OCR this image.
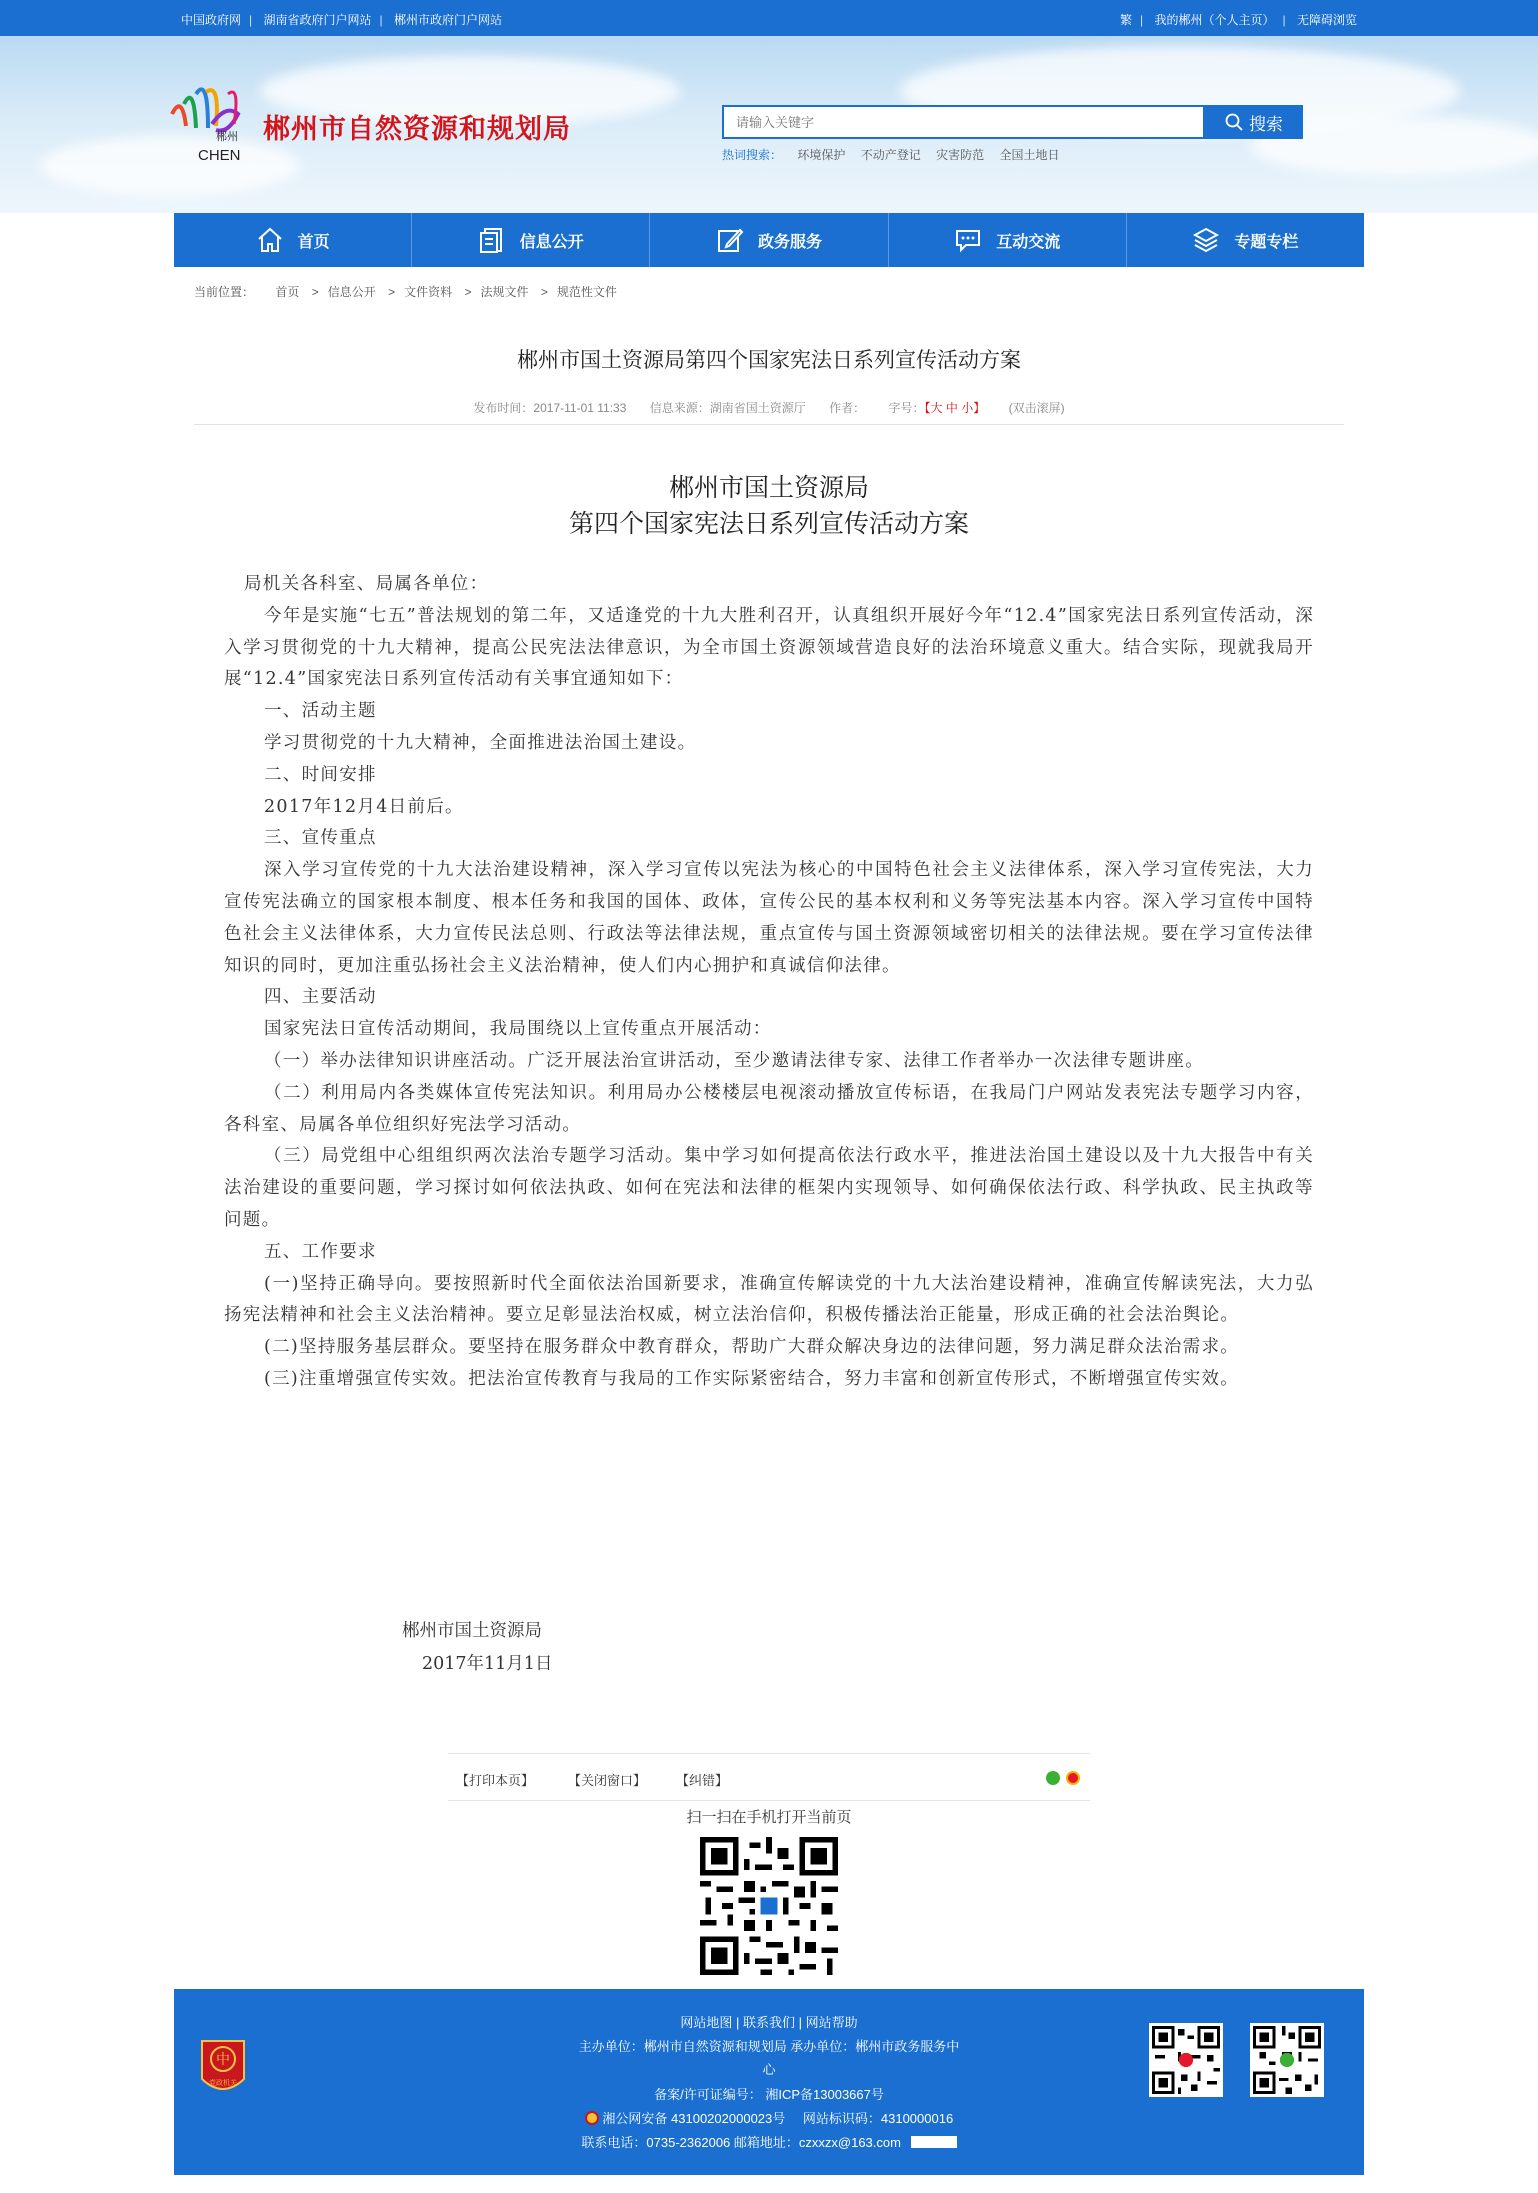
中国政府网 | 湖南省政府门户网站 | 郴州市政府门户网站	繁 | 我的郴州（个人主页） | 无障碍浏览
郴州
CHEN
郴州市自然资源和规划局
请输入关键字	搜索
热词搜索： 环境保护 不动产登记 灾害防范 全国土地日
首页	信息公开	政务服务	互动交流	专题专栏
当前位置： 首页 > 信息公开 > 文件资料 > 法规文件 > 规范性文件
郴州市国土资源局第四个国家宪法日系列宣传活动方案
发布时间：2017-11-01 11:33 信息来源：湖南省国土资源厅 作者： 字号：【大 中 小】 (双击滚屏)
郴州市国土资源局
第四个国家宪法日系列宣传活动方案

局机关各科室、局属各单位：

今年是实施“七五”普法规划的第二年，又适逢党的十九大胜利召开，认真组织开展好今年“12.4”国家宪法日系列宣传活动，深入学习贯彻党的十九大精神，提高公民宪法法律意识，为全市国土资源领域营造良好的法治环境意义重大。结合实际，现就我局开展“12.4”国家宪法日系列宣传活动有关事宜通知如下：

一、活动主题

学习贯彻党的十九大精神，全面推进法治国土建设。

二、时间安排

2017年12月4日前后。

三、宣传重点

深入学习宣传党的十九大法治建设精神，深入学习宣传以宪法为核心的中国特色社会主义法律体系，深入学习宣传宪法，大力宣传宪法确立的国家根本制度、根本任务和我国的国体、政体，宣传公民的基本权利和义务等宪法基本内容。深入学习宣传中国特色社会主义法律体系，大力宣传民法总则、行政法等法律法规，重点宣传与国土资源领域密切相关的法律法规。要在学习宣传法律知识的同时，更加注重弘扬社会主义法治精神，使人们内心拥护和真诚信仰法律。

四、主要活动

国家宪法日宣传活动期间，我局围绕以上宣传重点开展活动：

（一）举办法律知识讲座活动。广泛开展法治宣讲活动，至少邀请法律专家、法律工作者举办一次法律专题讲座。

（二）利用局内各类媒体宣传宪法知识。利用局办公楼楼层电视滚动播放宣传标语，在我局门户网站发表宪法专题学习内容，各科室、局属各单位组织好宪法学习活动。

（三）局党组中心组组织两次法治专题学习活动。集中学习如何提高依法行政水平，推进法治国土建设以及十九大报告中有关法治建设的重要问题，学习探讨如何依法执政、如何在宪法和法律的框架内实现领导、如何确保依法行政、科学执政、民主执政等问题。

五、工作要求

(一)坚持正确导向。要按照新时代全面依法治国新要求，准确宣传解读党的十九大法治建设精神，准确宣传解读宪法，大力弘扬宪法精神和社会主义法治精神。要立足彰显法治权威，树立法治信仰，积极传播法治正能量，形成正确的社会法治舆论。

(二)坚持服务基层群众。要坚持在服务群众中教育群众，帮助广大群众解决身边的法律问题，努力满足群众法治需求。

(三)注重增强宣传实效。把法治宣传教育与我局的工作实际紧密结合，努力丰富和创新宣传形式，不断增强宣传实效。

郴州市国土资源局
2017年11月1日
【打印本页】	【关闭窗口】 【纠错】
扫一扫在手机打开当前页
中
党政机关
网站地图 | 联系我们 | 网站帮助
主办单位：郴州市自然资源和规划局 承办单位：郴州市政务服务中
心
备案/许可证编号： 湘ICP备13003667号
湘公网安备 43100202000023号 网站标识码：4310000016
联系电话：0735-2362006 邮箱地址：czxxzx@163.com
